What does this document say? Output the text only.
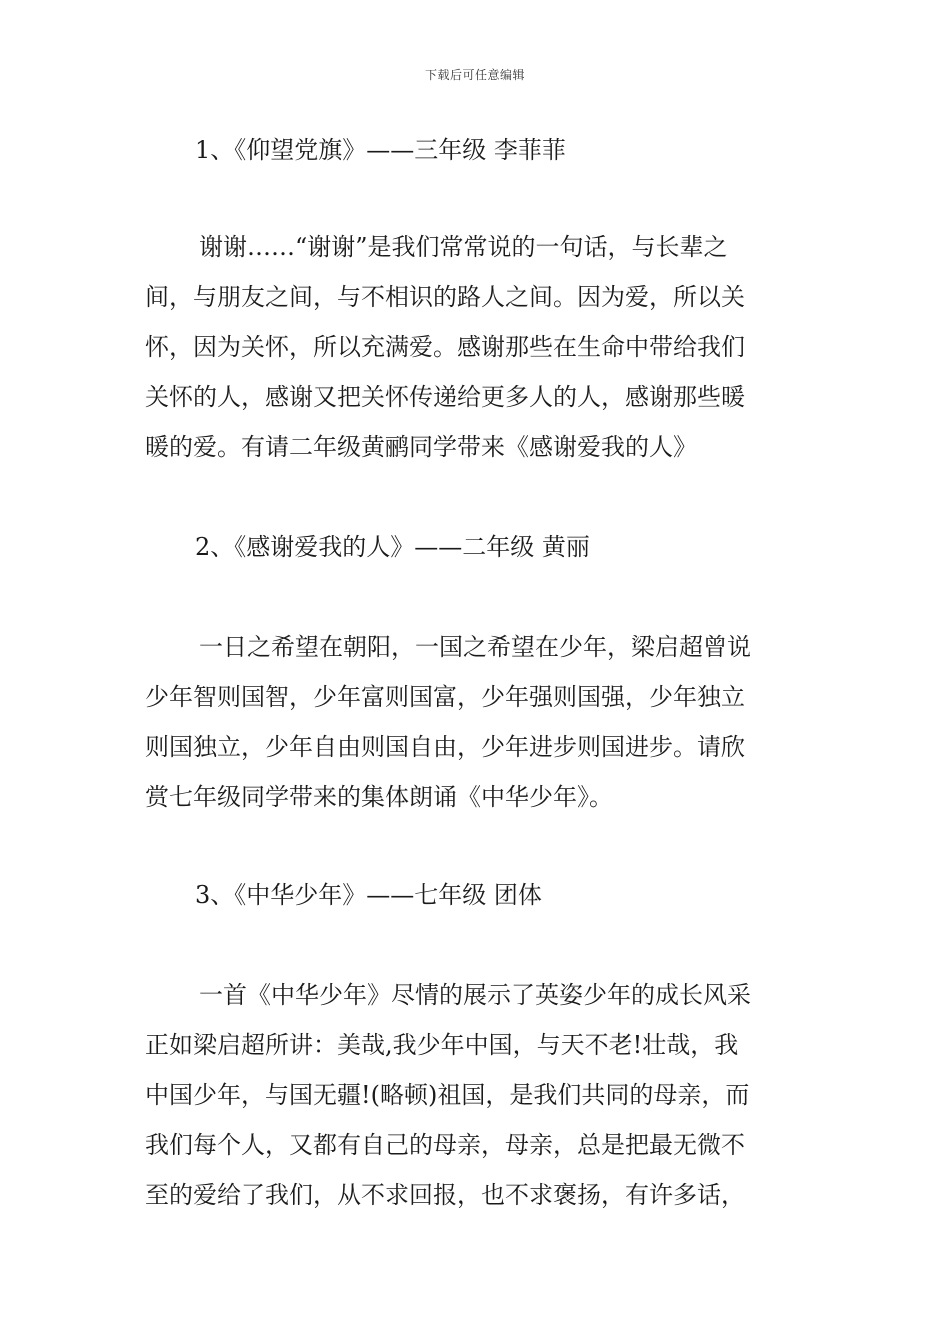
下载后可任意编辑
1、《仰望党旗》——三年级 李菲菲
谢谢……“谢谢”是我们常常说的一句话，与长辈之
间，与朋友之间，与不相识的路人之间。因为爱，所以关
怀，因为关怀，所以充满爱。感谢那些在生命中带给我们
关怀的人，感谢又把关怀传递给更多人的人，感谢那些暖
暖的爱。有请二年级黄鹂同学带来《感谢爱我的人》
2、《感谢爱我的人》——二年级 黄丽
一日之希望在朝阳，一国之希望在少年，梁启超曾说
少年智则国智，少年富则国富，少年强则国强，少年独立
则国独立，少年自由则国自由，少年进步则国进步。请欣
赏七年级同学带来的集体朗诵《中华少年》。
3、《中华少年》——七年级 团体
一首《中华少年》尽情的展示了英姿少年的成长风采
正如梁启超所讲：美哉,我少年中国，与天不老!壮哉，我
中国少年，与国无疆!(略顿)祖国，是我们共同的母亲，而
我们每个人，又都有自己的母亲，母亲，总是把最无微不
至的爱给了我们，从不求回报，也不求褒扬，有许多话，
